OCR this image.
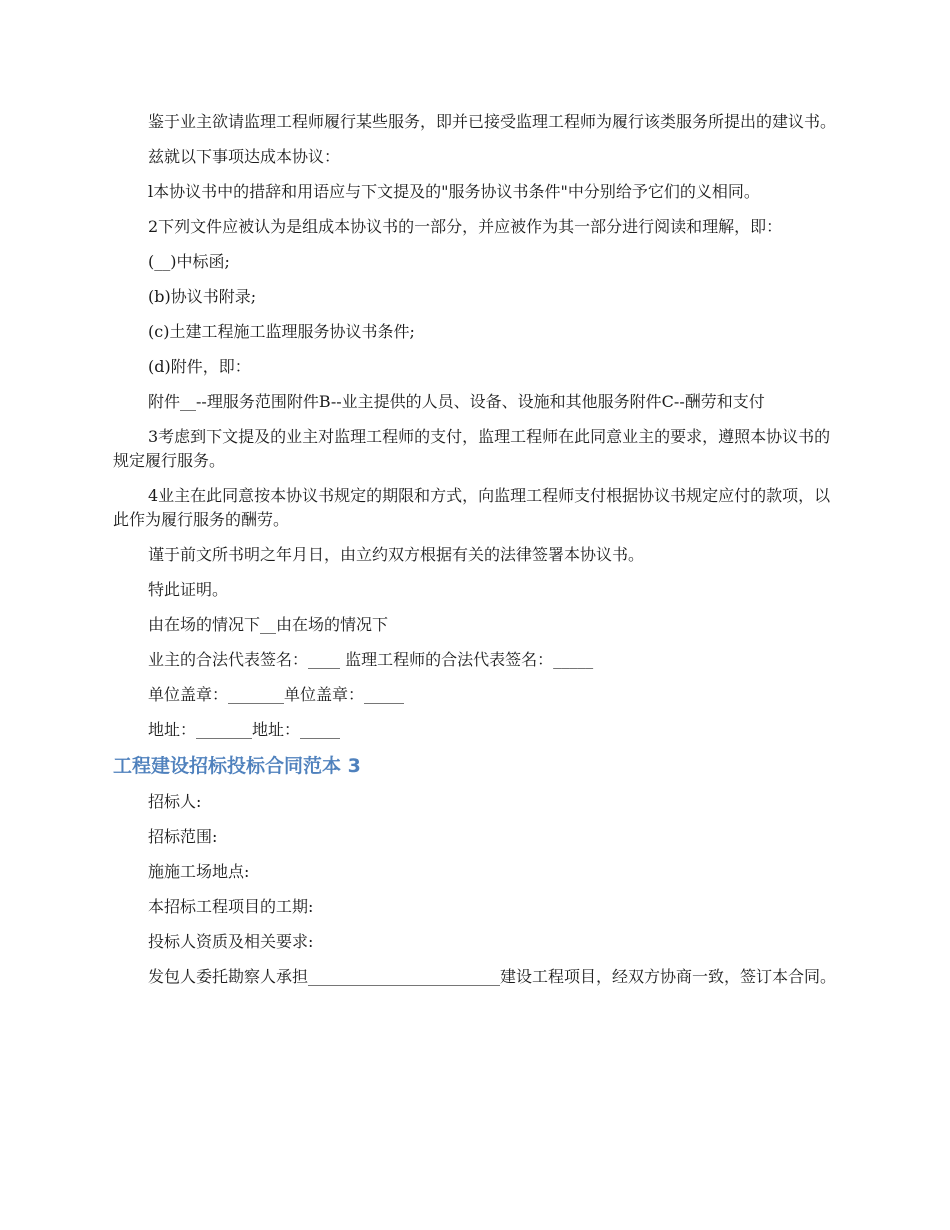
鉴于业主欲请监理工程师履行某些服务，即并已接受监理工程师为履行该类服务所提出的建议书。

兹就以下事项达成本协议：

l本协议书中的措辞和用语应与下文提及的"服务协议书条件"中分别给予它们的义相同。

2下列文件应被认为是组成本协议书的一部分，并应被作为其一部分进行阅读和理解，即：

(__)中标函;

(b)协议书附录;

(c)土建工程施工监理服务协议书条件;

(d)附件，即：

附件__--理服务范围附件B--业主提供的人员、设备、设施和其他服务附件C--酬劳和支付

3考虑到下文提及的业主对监理工程师的支付，监理工程师在此同意业主的要求，遵照本协议书的规定履行服务。

4业主在此同意按本协议书规定的期限和方式，向监理工程师支付根据协议书规定应付的款项，以此作为履行服务的酬劳。

谨于前文所书明之年月日，由立约双方根据有关的法律签署本协议书。

特此证明。

由在场的情况下__由在场的情况下

业主的合法代表签名：____ 监理工程师的合法代表签名：_____

单位盖章：_______单位盖章：_____

地址：_______地址：_____

工程建设招标投标合同范本 3

招标人:

招标范围:

施施工场地点:

本招标工程项目的工期:

投标人资质及相关要求:

发包人委托勘察人承担________________________建设工程项目，经双方协商一致，签订本合同。
